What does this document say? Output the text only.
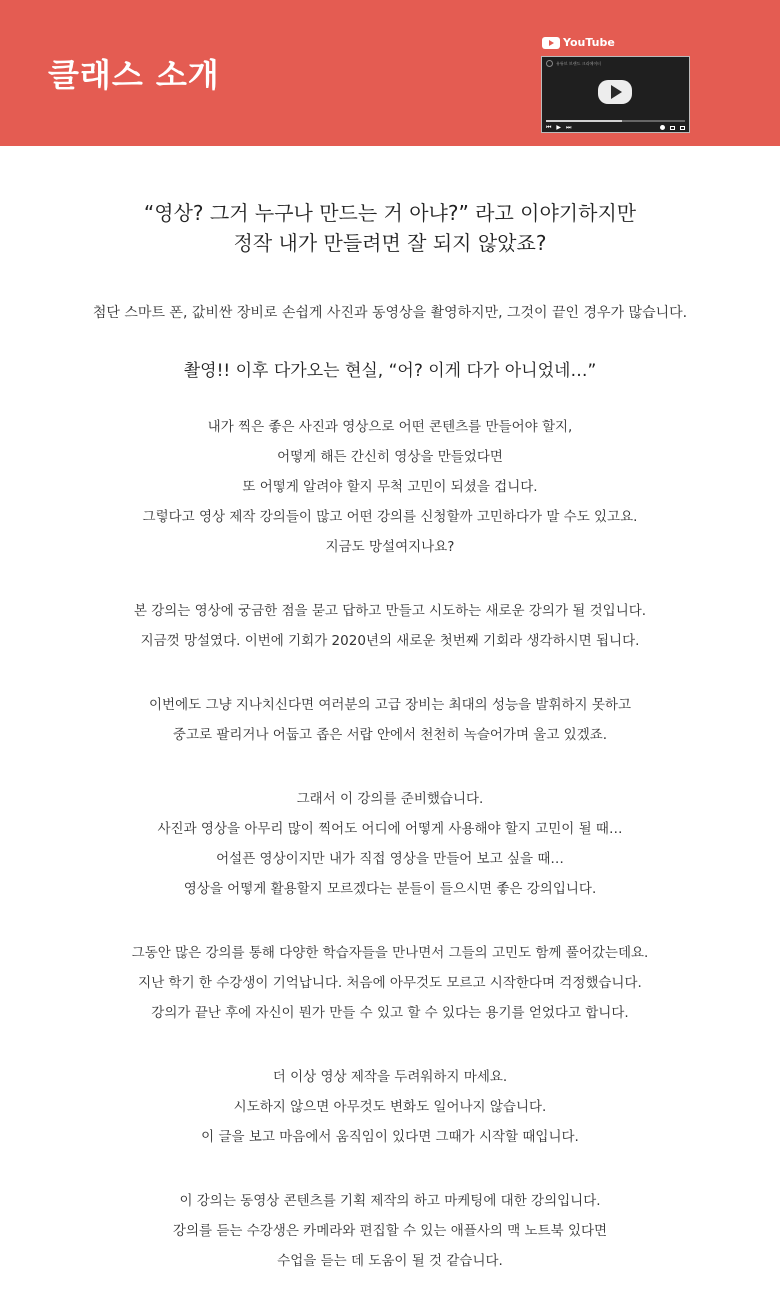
클래스 소개
YouTube
유튜브 브랜드 크리에이터
⏮ ▶ ⏭

“영상? 그거 누구나 만드는 거 아냐?” 라고 이야기하지만
정작 내가 만들려면 잘 되지 않았죠?

첨단 스마트 폰, 값비싼 장비로 손쉽게 사진과 동영상을 촬영하지만, 그것이 끝인 경우가 많습니다.

촬영!! 이후 다가오는 현실, “어? 이게 다가 아니었네…”

내가 찍은 좋은 사진과 영상으로 어떤 콘텐츠를 만들어야 할지,
어떻게 해든 간신히 영상을 만들었다면
또 어떻게 알려야 할지 무척 고민이 되셨을 겁니다.
그렇다고 영상 제작 강의들이 많고 어떤 강의를 신청할까 고민하다가 말 수도 있고요.
지금도 망설여지나요?

본 강의는 영상에 궁금한 점을 묻고 답하고 만들고 시도하는 새로운 강의가 될 것입니다.
지금껏 망설였다. 이번에 기회가 2020년의 새로운 첫번째 기회라 생각하시면 됩니다.

이번에도 그냥 지나치신다면 여러분의 고급 장비는 최대의 성능을 발휘하지 못하고
중고로 팔리거나 어둡고 좁은 서랍 안에서 천천히 녹슬어가며 울고 있겠죠.

그래서 이 강의를 준비했습니다.
사진과 영상을 아무리 많이 찍어도 어디에 어떻게 사용해야 할지 고민이 될 때…
어설픈 영상이지만 내가 직접 영상을 만들어 보고 싶을 때…
영상을 어떻게 활용할지 모르겠다는 분들이 들으시면 좋은 강의입니다.

그동안 많은 강의를 통해 다양한 학습자들을 만나면서 그들의 고민도 함께 풀어갔는데요.
지난 학기 한 수강생이 기억납니다. 처음에 아무것도 모르고 시작한다며 걱정했습니다.
강의가 끝난 후에 자신이 뭔가 만들 수 있고 할 수 있다는 용기를 얻었다고 합니다.

더 이상 영상 제작을 두려워하지 마세요.
시도하지 않으면 아무것도 변화도 일어나지 않습니다.
이 글을 보고 마음에서 움직임이 있다면 그때가 시작할 때입니다.

이 강의는 동영상 콘텐츠를 기획 제작의 하고 마케팅에 대한 강의입니다.
강의를 듣는 수강생은 카메라와 편집할 수 있는 애플사의 맥 노트북 있다면
수업을 듣는 데 도움이 될 것 같습니다.
